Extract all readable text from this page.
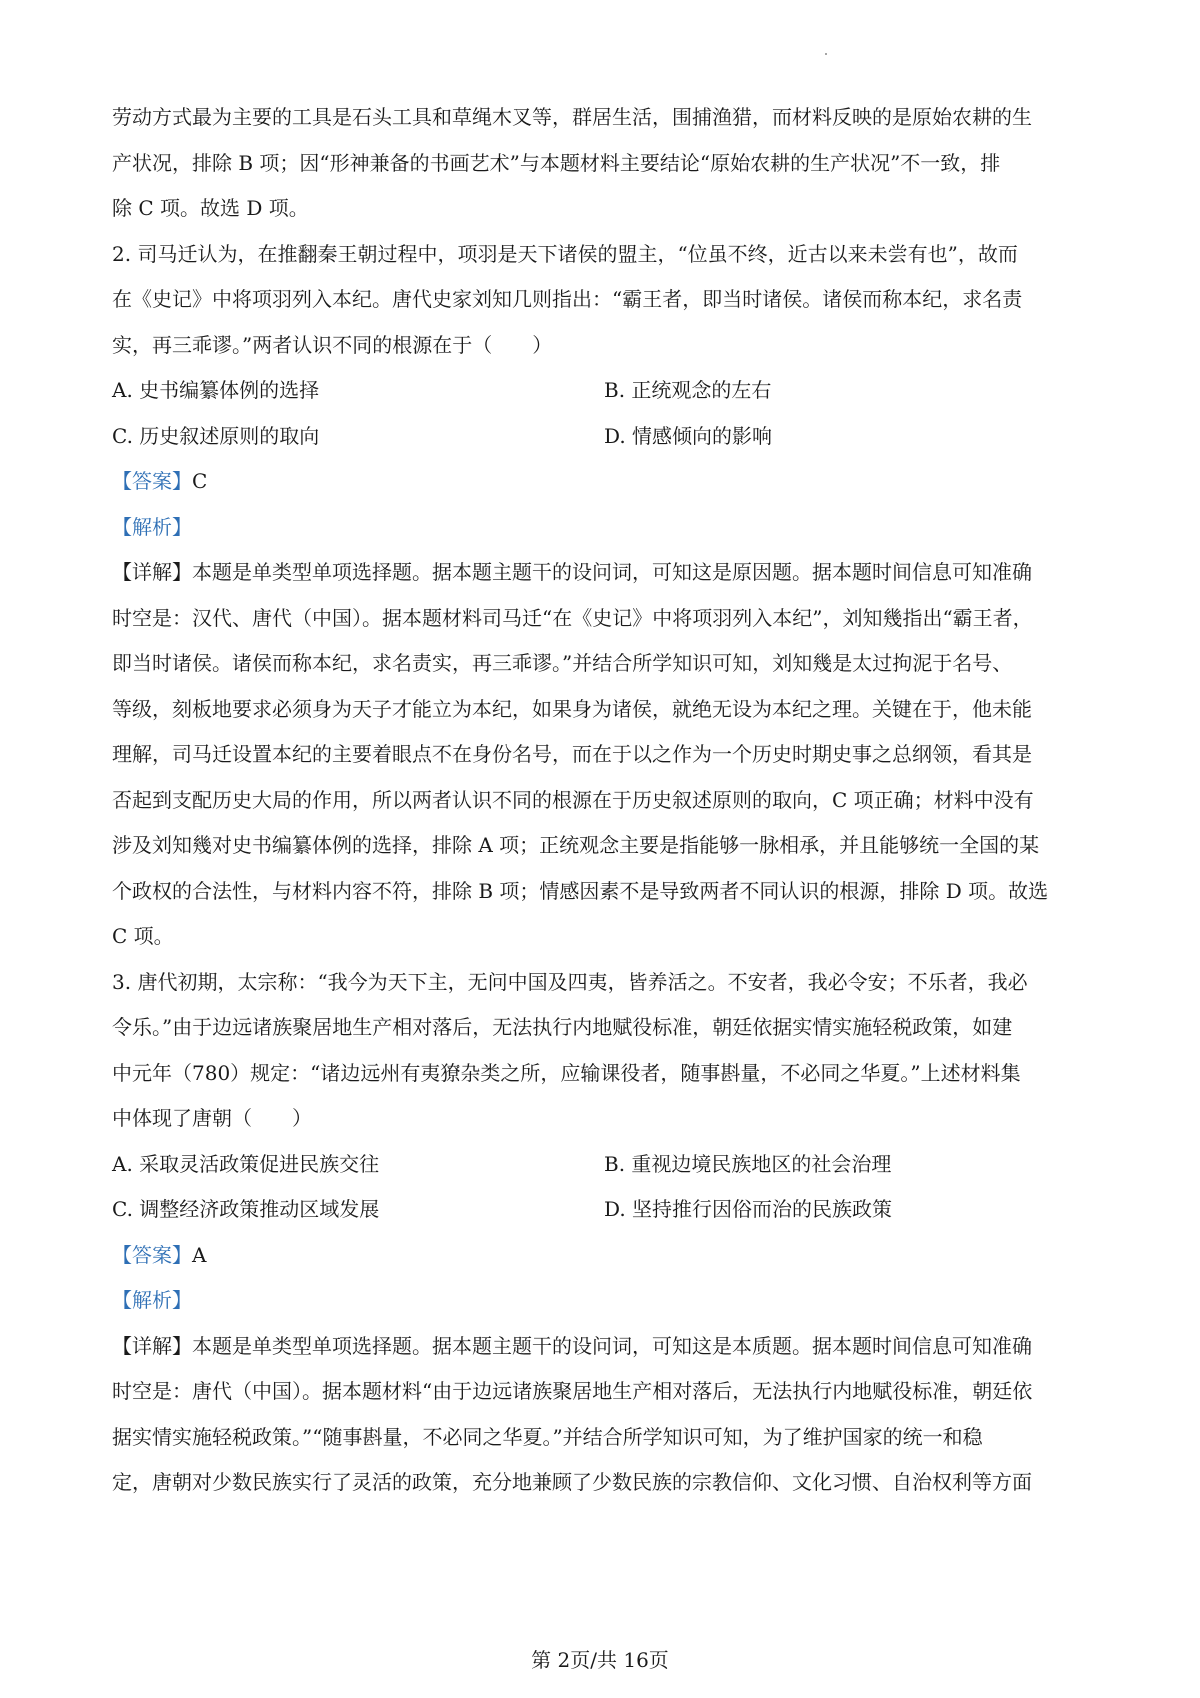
劳动方式最为主要的工具是石头工具和草绳木叉等，群居生活，围捕渔猎，而材料反映的是原始农耕的生

产状况，排除 B 项；因“形神兼备的书画艺术”与本题材料主要结论“原始农耕的生产状况”不一致，排

除 C 项。故选 D 项。

2. 司马迁认为，在推翻秦王朝过程中，项羽是天下诸侯的盟主，“位虽不终，近古以来未尝有也”，故而

在《史记》中将项羽列入本纪。唐代史家刘知几则指出：“霸王者，即当时诸侯。诸侯而称本纪，求名责

实，再三乖谬。”两者认识不同的根源在于（　　）

A. 史书编纂体例的选择	B. 正统观念的左右
C. 历史叙述原则的取向	D. 情感倾向的影响

【答案】C

【解析】

【详解】本题是单类型单项选择题。据本题主题干的设问词，可知这是原因题。据本题时间信息可知准确

时空是：汉代、唐代（中国）。据本题材料司马迁“在《史记》中将项羽列入本纪”，刘知幾指出“霸王者，

即当时诸侯。诸侯而称本纪，求名责实，再三乖谬。”并结合所学知识可知，刘知幾是太过拘泥于名号、

等级，刻板地要求必须身为天子才能立为本纪，如果身为诸侯，就绝无设为本纪之理。关键在于，他未能

理解，司马迁设置本纪的主要着眼点不在身份名号，而在于以之作为一个历史时期史事之总纲领，看其是

否起到支配历史大局的作用，所以两者认识不同的根源在于历史叙述原则的取向，C 项正确；材料中没有

涉及刘知幾对史书编纂体例的选择，排除 A 项；正统观念主要是指能够一脉相承，并且能够统一全国的某

个政权的合法性，与材料内容不符，排除 B 项；情感因素不是导致两者不同认识的根源，排除 D 项。故选

C 项。

3. 唐代初期，太宗称：“我今为天下主，无问中国及四夷，皆养活之。不安者，我必令安；不乐者，我必

令乐。”由于边远诸族聚居地生产相对落后，无法执行内地赋役标准，朝廷依据实情实施轻税政策，如建

中元年（780）规定：“诸边远州有夷獠杂类之所，应输课役者，随事斟量，不必同之华夏。”上述材料集

中体现了唐朝（　　）

A. 采取灵活政策促进民族交往	B. 重视边境民族地区的社会治理
C. 调整经济政策推动区域发展	D. 坚持推行因俗而治的民族政策

【答案】A

【解析】

【详解】本题是单类型单项选择题。据本题主题干的设问词，可知这是本质题。据本题时间信息可知准确

时空是：唐代（中国）。据本题材料“由于边远诸族聚居地生产相对落后，无法执行内地赋役标准，朝廷依

据实情实施轻税政策。”“随事斟量，不必同之华夏。”并结合所学知识可知，为了维护国家的统一和稳

定，唐朝对少数民族实行了灵活的政策，充分地兼顾了少数民族的宗教信仰、文化习惯、自治权利等方面

第 2页/共 16页
